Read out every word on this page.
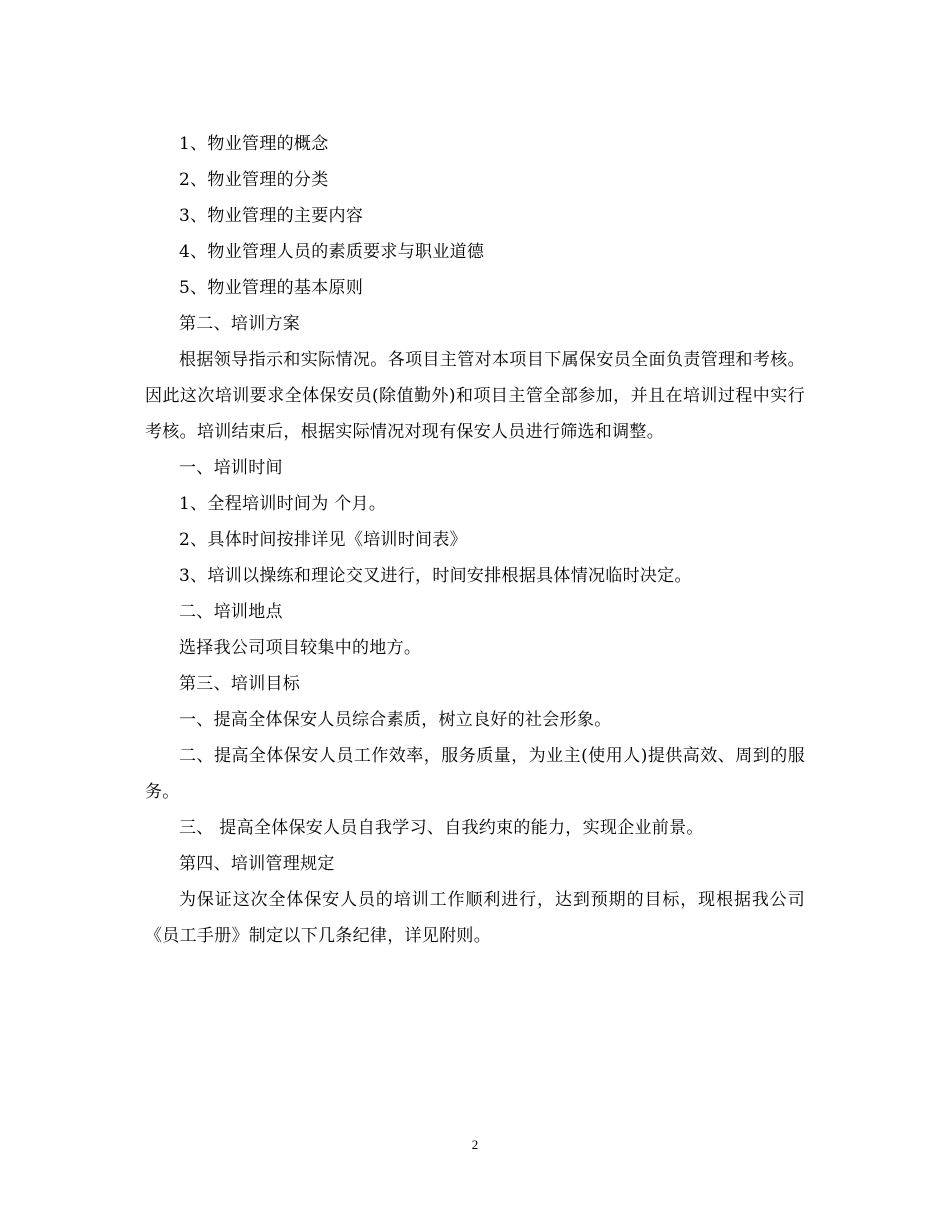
1、物业管理的概念

2、物业管理的分类

3、物业管理的主要内容

4、物业管理人员的素质要求与职业道德

5、物业管理的基本原则

第二、培训方案

根据领导指示和实际情况。各项目主管对本项目下属保安员全面负责管理和考核。因此这次培训要求全体保安员(除值勤外)和项目主管全部参加，并且在培训过程中实行考核。培训结束后，根据实际情况对现有保安人员进行筛选和调整。

一、培训时间

1、全程培训时间为 个月。

2、具体时间按排详见《培训时间表》

3、培训以操练和理论交叉进行，时间安排根据具体情况临时决定。

二、培训地点

选择我公司项目较集中的地方。

第三、培训目标

一、提高全体保安人员综合素质，树立良好的社会形象。

二、提高全体保安人员工作效率，服务质量，为业主(使用人)提供高效、周到的服务。

三、 提高全体保安人员自我学习、自我约束的能力，实现企业前景。

第四、培训管理规定

为保证这次全体保安人员的培训工作顺利进行，达到预期的目标，现根据我公司《员工手册》制定以下几条纪律，详见附则。

2
